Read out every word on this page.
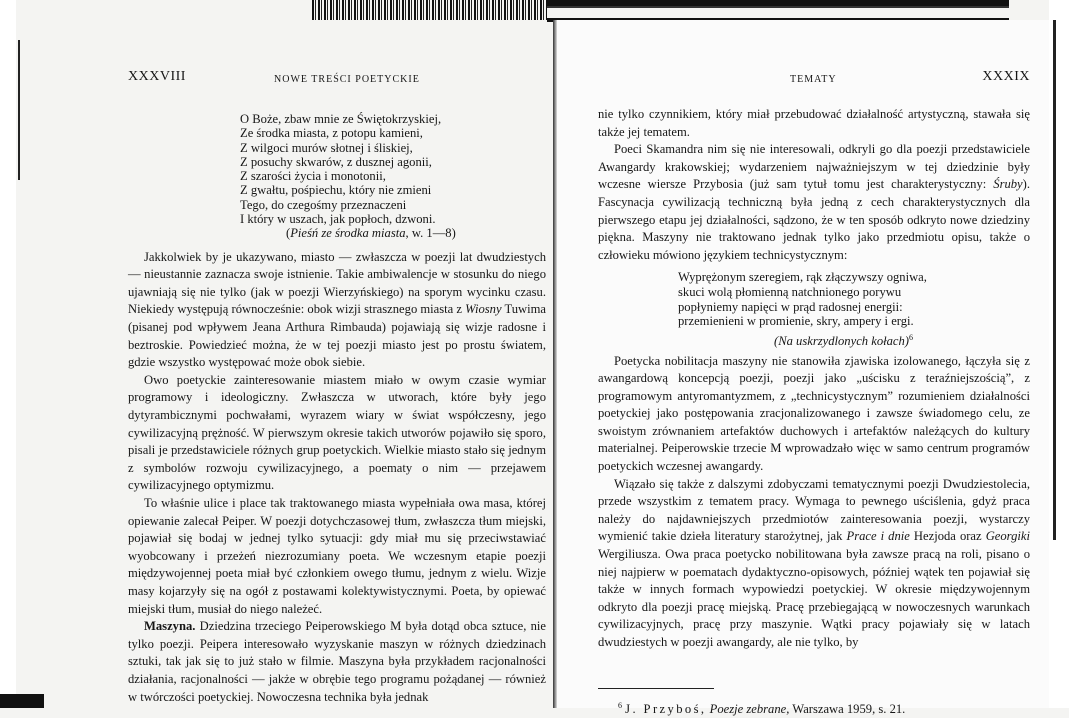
XXXVIII	NOWE TREŚCI POETYCKIE
O Boże, zbaw mnie ze Świętokrzyskiej,
Ze środka miasta, z potopu kamieni,
Z wilgoci murów słotnej i śliskiej,
Z posuchy skwarów, z dusznej agonii,
Z szarości życia i monotonii,
Z gwałtu, pośpiechu, który nie zmieni
Tego, do czegośmy przeznaczeni
I który w uszach, jak popłoch, dzwoni.
(Pieśń ze środka miasta, w. 1—8)

Jakkolwiek by je ukazywano, miasto — zwłaszcza w poezji lat dwudziestych — nieustannie zaznacza swoje istnienie. Takie ambiwalencje w stosunku do niego ujawniają się nie tylko (jak w poezji Wierzyńskiego) na sporym wycinku czasu. Niekiedy występują równocześnie: obok wizji strasznego miasta z Wiosny Tuwima (pisanej pod wpływem Jeana Arthura Rimbauda) pojawiają się wizje radosne i beztroskie. Powiedzieć można, że w tej poezji miasto jest po prostu światem, gdzie wszystko występować może obok siebie.

Owo poetyckie zainteresowanie miastem miało w owym czasie wymiar programowy i ideologiczny. Zwłaszcza w utworach, które były jego dytyrambicznymi pochwałami, wyrazem wiary w świat współczesny, jego cywilizacyjną prężność. W pierwszym okresie takich utworów pojawiło się sporo, pisali je przedstawiciele różnych grup poetyckich. Wielkie miasto stało się jednym z symbolów rozwoju cywilizacyjnego, a poematy o nim — przejawem cywilizacyjnego optymizmu.

To właśnie ulice i place tak traktowanego miasta wypełniała owa masa, której opiewanie zalecał Peiper. W poezji dotychczasowej tłum, zwłaszcza tłum miejski, pojawiał się bodaj w jednej tylko sytuacji: gdy miał mu się przeciwstawiać wyobcowany i przeżeń niezrozumiany poeta. We wczesnym etapie poezji międzywojennej poeta miał być członkiem owego tłumu, jednym z wielu. Wizje masy kojarzyły się na ogół z postawami kolektywistycznymi. Poeta, by opiewać miejski tłum, musiał do niego należeć.

Maszyna. Dziedzina trzeciego Peiperowskiego M była dotąd obca sztuce, nie tylko poezji. Peipera interesowało wyzyskanie maszyn w różnych dziedzinach sztuki, tak jak się to już stało w filmie. Maszyna była przykładem racjonalności działania, racjonalności — jakże w obrębie tego programu pożądanej — również w twórczości poetyckiej. Nowoczesna technika była jednak

TEMATY	XXXIX

nie tylko czynnikiem, który miał przebudować działalność artystyczną, stawała się także jej tematem.

Poeci Skamandra nim się nie interesowali, odkryli go dla poezji przedstawiciele Awangardy krakowskiej; wydarzeniem najważniejszym w tej dziedzinie były wczesne wiersze Przybosia (już sam tytuł tomu jest charakterystyczny: Śruby). Fascynacja cywilizacją techniczną była jedną z cech charakterystycznych dla pierwszego etapu jej działalności, sądzono, że w ten sposób odkryto nowe dziedziny piękna. Maszyny nie traktowano jednak tylko jako przedmiotu opisu, także o człowieku mówiono językiem technicystycznym:

Wyprężonym szeregiem, rąk złączywszy ogniwa,
skuci wolą płomienną natchnionego porywu
popłyniemy napięci w prąd radosnej energii:
przemienieni w promienie, skry, ampery i ergi.
(Na uskrzydlonych kołach)$^6$

Poetycka nobilitacja maszyny nie stanowiła zjawiska izolowanego, łączyła się z awangardową koncepcją poezji, poezji jako „uścisku z teraźniejszością”, z programowym antyromantyzmem, z „technicystycznym” rozumieniem działalności poetyckiej jako postępowania zracjonalizowanego i zawsze świadomego celu, ze swoistym zrównaniem artefaktów duchowych i artefaktów należących do kultury materialnej. Peiperowskie trzecie M wprowadzało więc w samo centrum programów poetyckich wczesnej awangardy.

Wiązało się także z dalszymi zdobyczami tematycznymi poezji Dwudziestolecia, przede wszystkim z tematem pracy. Wymaga to pewnego uściślenia, gdyż praca należy do najdawniejszych przedmiotów zainteresowania poezji, wystarczy wymienić takie dzieła literatury starożytnej, jak Prace i dnie Hezjoda oraz Georgiki Wergiliusza. Owa praca poetycko nobilitowana była zawsze pracą na roli, pisano o niej najpierw w poematach dydaktyczno-opisowych, później wątek ten pojawiał się także w innych formach wypowiedzi poetyckiej. W okresie międzywojennym odkryto dla poezji pracę miejską. Pracę przebiegającą w nowoczesnych warunkach cywilizacyjnych, pracę przy maszynie. Wątki pracy pojawiały się w latach dwudziestych w poezji awangardy, ale nie tylko, by

$^6$ J. Przyboś, Poezje zebrane, Warszawa 1959, s. 21.
